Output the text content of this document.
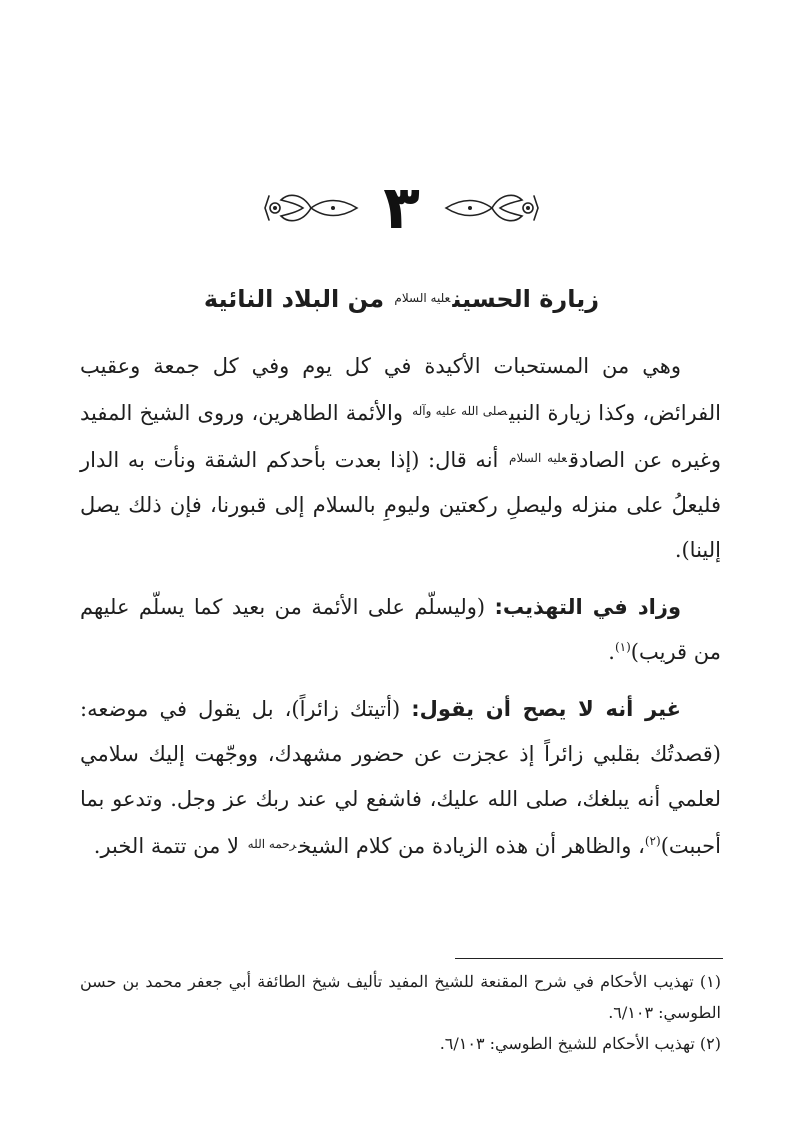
٣
زيارة الحسين$^{عليه السلام}$ من البلاد النائية

وهي من المستحبات الأكيدة في كل يوم وفي كل جمعة وعقيب الفرائض، وكذا زيارة النبي$^{صلى الله عليه وآله}$ والأئمة الطاهرين، وروى الشيخ المفيد وغيره عن الصادق$^{عليه السلام}$ أنه قال: (إذا بعدت بأحدكم الشقة ونأت به الدار فليعلُ على منزله وليصلِ ركعتين وليومِ بالسلام إلى قبورنا، فإن ذلك يصل إلينا).

وزاد في التهذيب: (وليسلّم على الأئمة من بعيد كما يسلّم عليهم من قريب)$^{(١)}$.

غير أنه لا يصح أن يقول: (أتيتك زائراً)، بل يقول في موضعه: (قصدتُك بقلبي زائراً إذ عجزت عن حضور مشهدك، ووجّهت إليك سلامي لعلمي أنه يبلغك، صلى الله عليك، فاشفع لي عند ربك عز وجل. وتدعو بما أحببت)$^{(٢)}$، والظاهر أن هذه الزيادة من كلام الشيخ$^{رحمه الله}$ لا من تتمة الخبر.

(١) تهذيب الأحكام في شرح المقنعة للشيخ المفيد تأليف شيخ الطائفة أبي جعفر محمد بن حسن الطوسي: ٦/١٠٣.

(٢) تهذيب الأحكام للشيخ الطوسي: ٦/١٠٣.
